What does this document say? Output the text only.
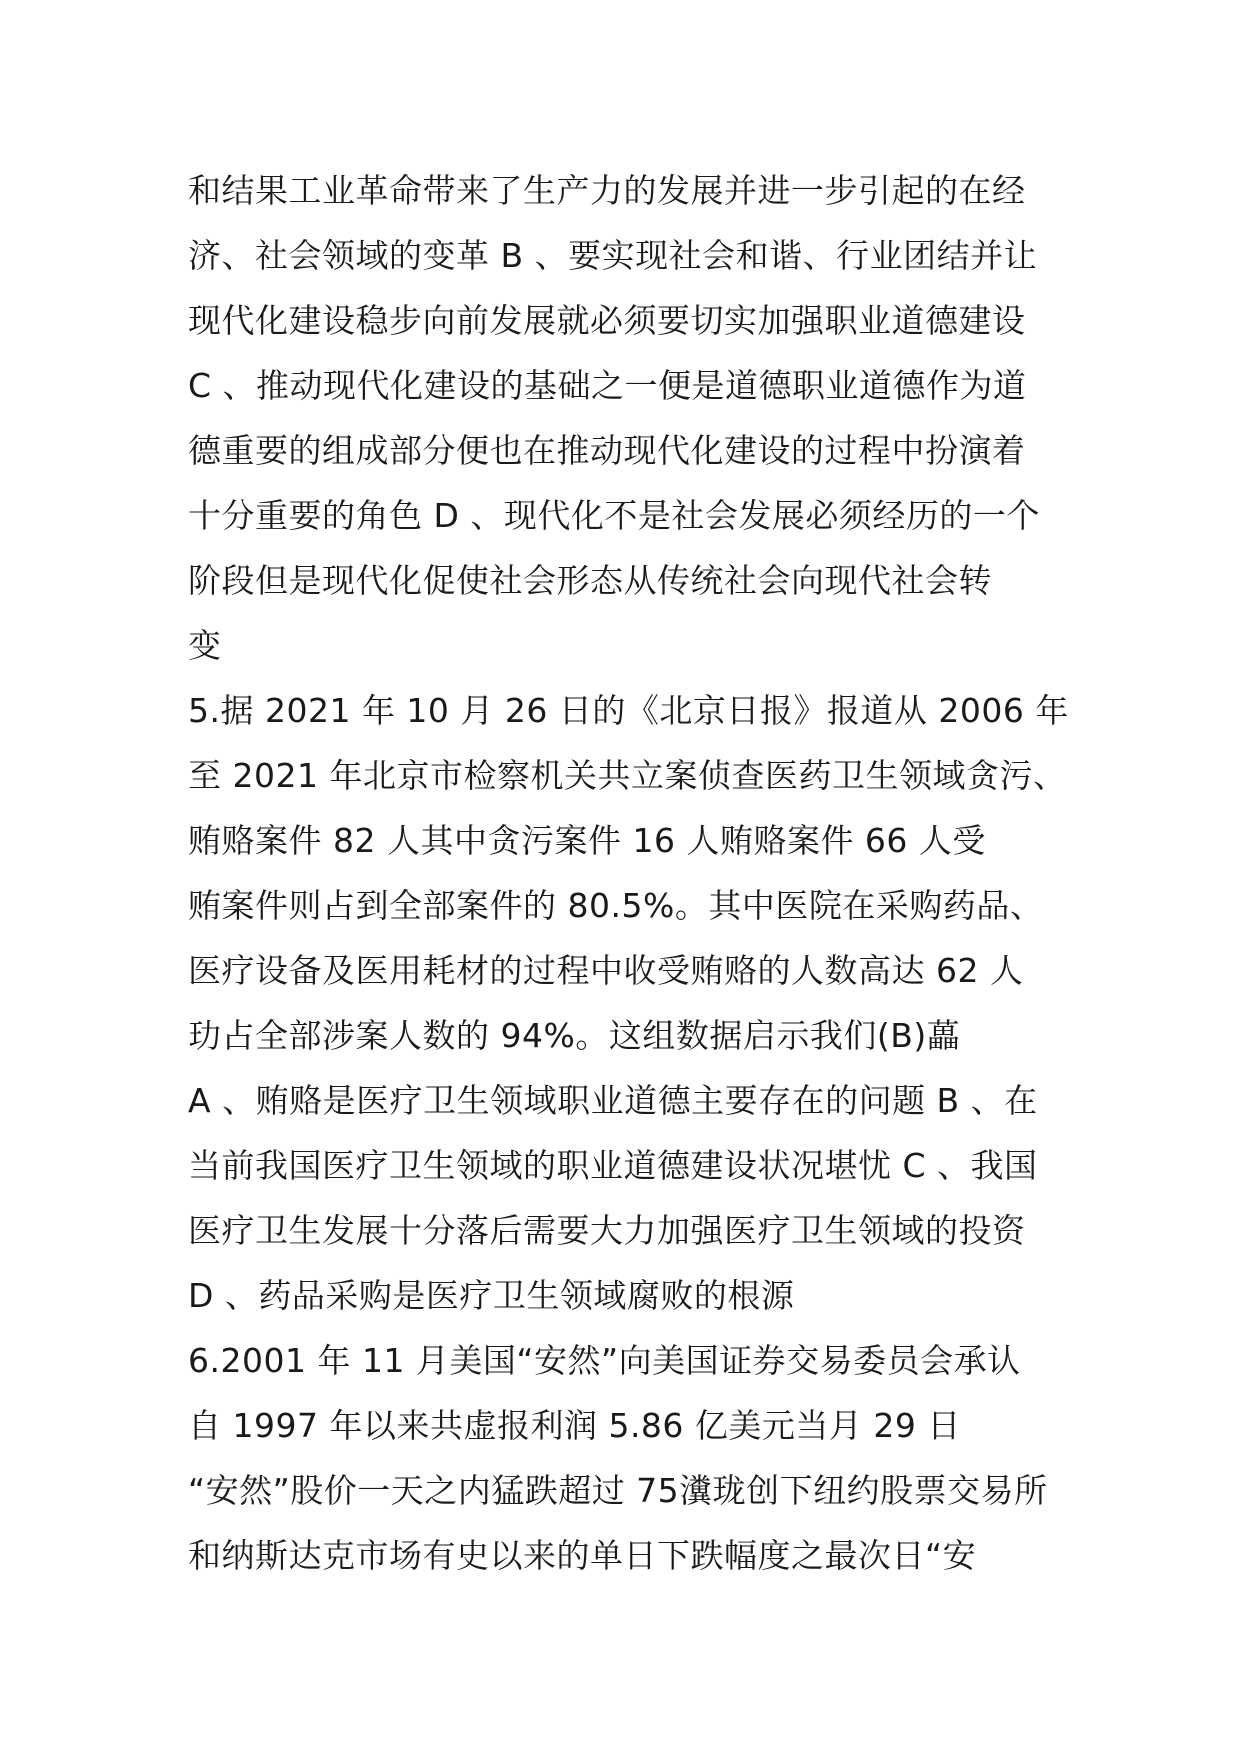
和结果工业革命带来了生产力的发展并进一步引起的在经
济、社会领域的变革 B 、要实现社会和谐、行业团结并让
现代化建设稳步向前发展就必须要切实加强职业道德建设
C 、推动现代化建设的基础之一便是道德职业道德作为道
德重要的组成部分便也在推动现代化建设的过程中扮演着
十分重要的角色 D 、现代化不是社会发展必须经历的一个
阶段但是现代化促使社会形态从传统社会向现代社会转
变
5.据 2021 年 10 月 26 日的《北京日报》报道从 2006 年
至 2021 年北京市检察机关共立案侦查医药卫生领域贪污、
贿赂案件 82 人其中贪污案件 16 人贿赂案件 66 人受
贿案件则占到全部案件的 80.5%。其中医院在采购药品、
医疗设备及医用耗材的过程中收受贿赂的人数高达 62 人
玏占全部涉案人数的 94%。这组数据启示我们(B)藟
A 、贿赂是医疗卫生领域职业道德主要存在的问题 B 、在
当前我国医疗卫生领域的职业道德建设状况堪忧 C 、我国
医疗卫生发展十分落后需要大力加强医疗卫生领域的投资
D 、药品采购是医疗卫生领域腐败的根源
6.2001 年 11 月美国“安然”向美国证券交易委员会承认
自 1997 年以来共虚报利润 5.86 亿美元当月 29 日
“安然”股价一天之内猛跌超过 75瀵珑创下纽约股票交易所
和纳斯达克市场有史以来的单日下跌幅度之最次日“安
